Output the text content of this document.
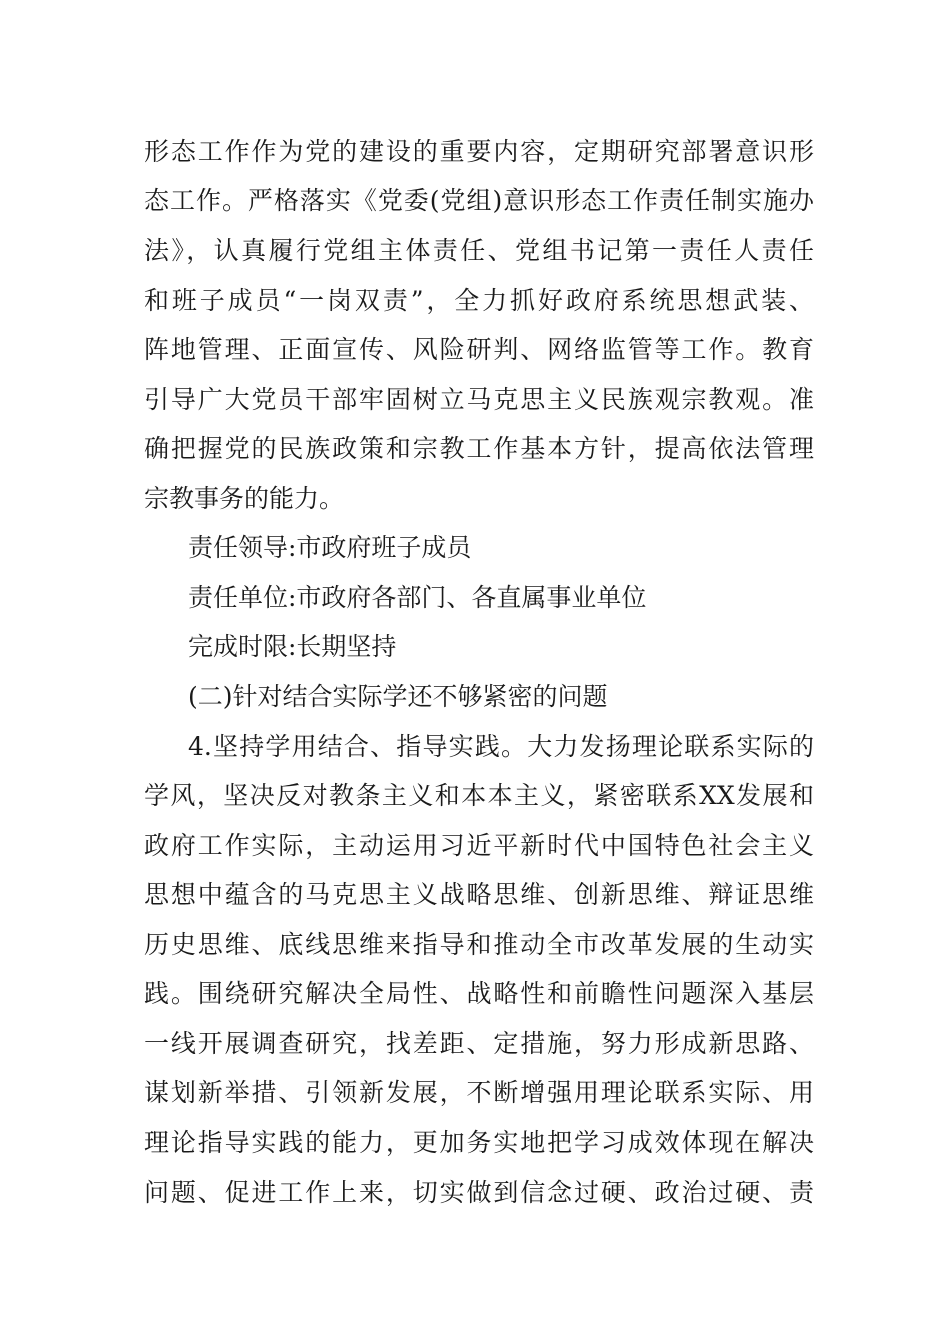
形态工作作为党的建设的重要内容，定期研究部署意识形
态工作。严格落实《党委(党组)意识形态工作责任制实施办
法》，认真履行党组主体责任、党组书记第一责任人责任
和班子成员“一岗双责”，全力抓好政府系统思想武装、
阵地管理、正面宣传、风险研判、网络监管等工作。教育
引导广大党员干部牢固树立马克思主义民族观宗教观。准
确把握党的民族政策和宗教工作基本方针，提高依法管理
宗教事务的能力。
责任领导:市政府班子成员
责任单位:市政府各部门、各直属事业单位
完成时限:长期坚持
(二)针对结合实际学还不够紧密的问题
4.坚持学用结合、指导实践。大力发扬理论联系实际的
学风，坚决反对教条主义和本本主义，紧密联系XX发展和
政府工作实际，主动运用习近平新时代中国特色社会主义
思想中蕴含的马克思主义战略思维、创新思维、辩证思维
历史思维、底线思维来指导和推动全市改革发展的生动实
践。围绕研究解决全局性、战略性和前瞻性问题深入基层
一线开展调查研究，找差距、定措施，努力形成新思路、
谋划新举措、引领新发展，不断增强用理论联系实际、用
理论指导实践的能力，更加务实地把学习成效体现在解决
问题、促进工作上来，切实做到信念过硬、政治过硬、责
